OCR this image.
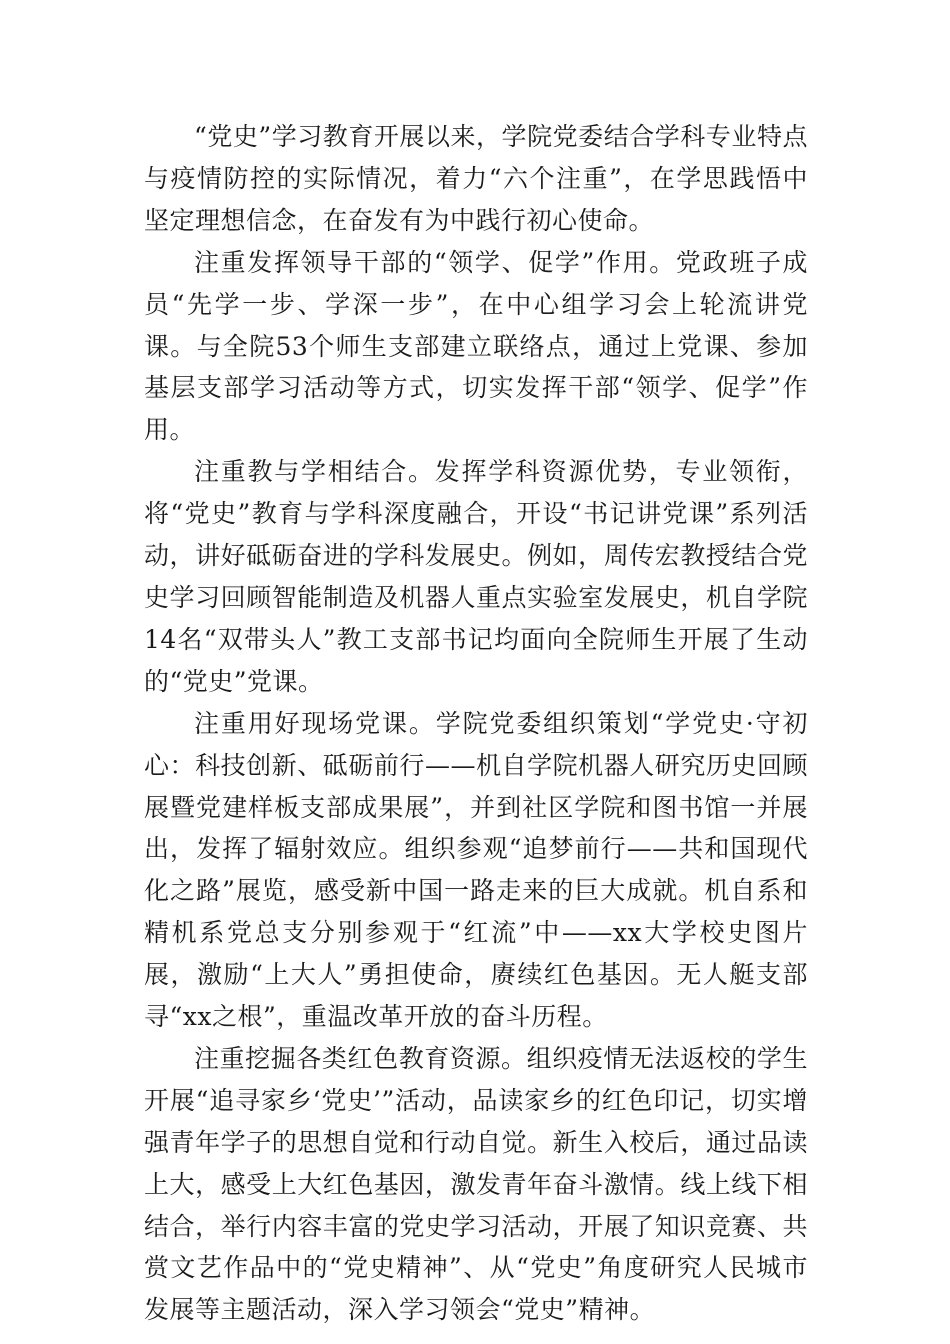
“党史”学习教育开展以来，学院党委结合学科专业特点与疫情防控的实际情况，着力“六个注重”，在学思践悟中坚定理想信念，在奋发有为中践行初心使命。

注重发挥领导干部的“领学、促学”作用。党政班子成员“先学一步、学深一步”，在中心组学习会上轮流讲党课。与全院53个师生支部建立联络点，通过上党课、参加基层支部学习活动等方式，切实发挥干部“领学、促学”作用。

注重教与学相结合。发挥学科资源优势，专业领衔，将“党史”教育与学科深度融合，开设“书记讲党课”系列活动，讲好砥砺奋进的学科发展史。例如，周传宏教授结合党史学习回顾智能制造及机器人重点实验室发展史，机自学院14名“双带头人”教工支部书记均面向全院师生开展了生动的“党史”党课。

注重用好现场党课。学院党委组织策划“学党史·守初心：科技创新、砥砺前行——机自学院机器人研究历史回顾展暨党建样板支部成果展”，并到社区学院和图书馆一并展出，发挥了辐射效应。组织参观“追梦前行——共和国现代化之路”展览，感受新中国一路走来的巨大成就。机自系和精机系党总支分别参观于“红流”中——xx大学校史图片展，激励“上大人”勇担使命，赓续红色基因。无人艇支部寻“xx之根”，重温改革开放的奋斗历程。

注重挖掘各类红色教育资源。组织疫情无法返校的学生开展“追寻家乡‘党史’”活动，品读家乡的红色印记，切实增强青年学子的思想自觉和行动自觉。新生入校后，通过品读上大，感受上大红色基因，激发青年奋斗激情。线上线下相结合，举行内容丰富的党史学习活动，开展了知识竞赛、共赏文艺作品中的“党史精神”、从“党史”角度研究人民城市发展等主题活动，深入学习领会“党史”精神。
